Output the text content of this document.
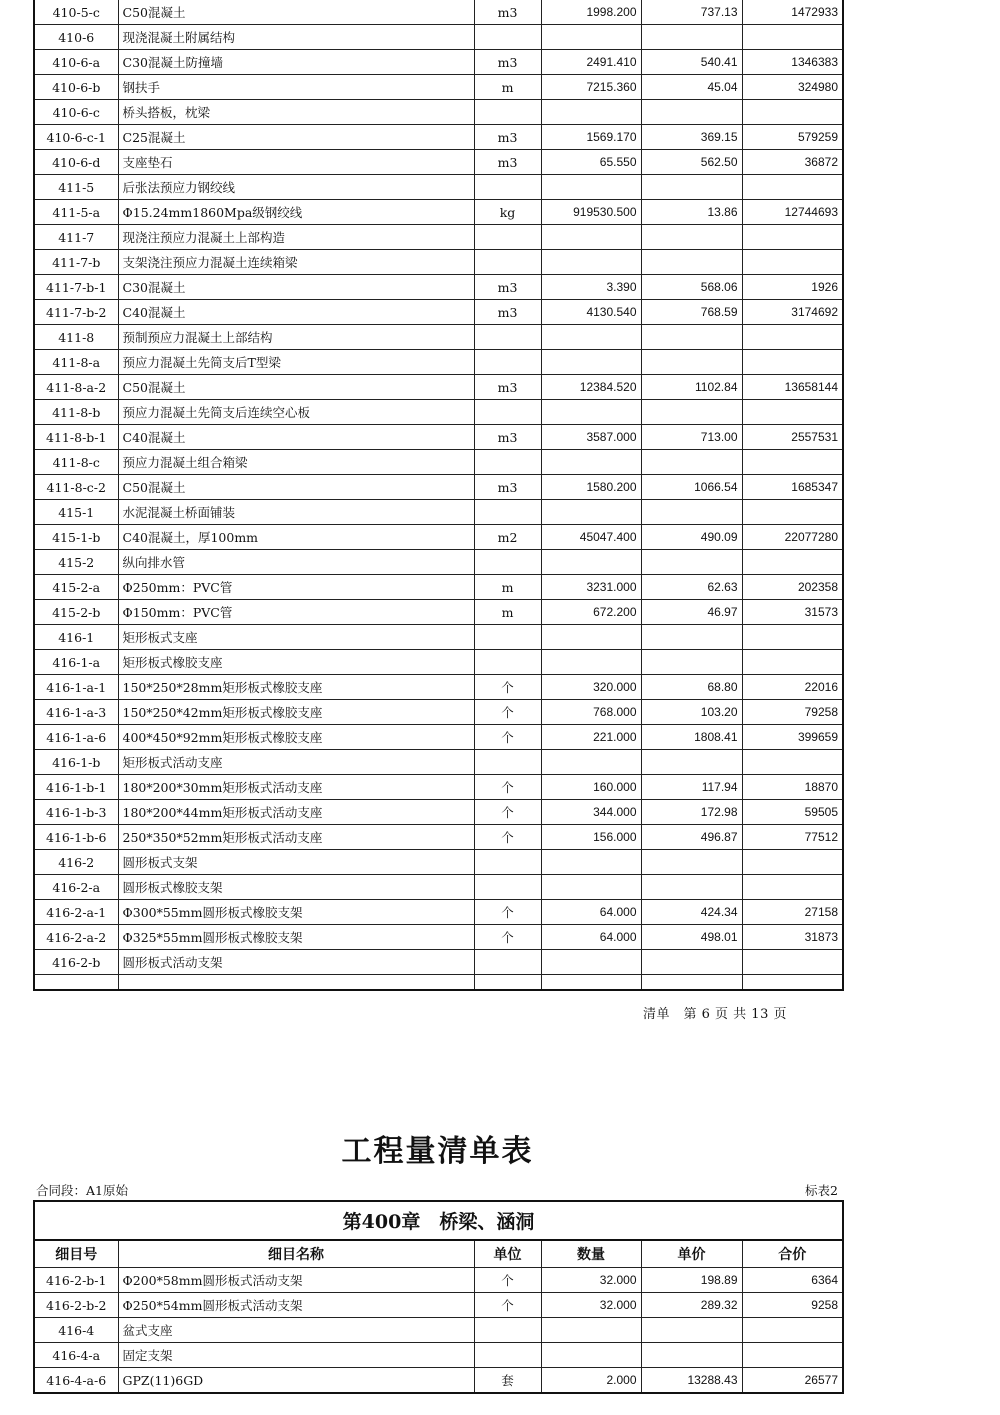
410-5-c	C50混凝土	m3	1998.200	737.13	1472933
410-6	现浇混凝土附属结构				
410-6-a	C30混凝土防撞墙	m3	2491.410	540.41	1346383
410-6-b	钢扶手	m	7215.360	45.04	324980
410-6-c	桥头搭板，枕梁				
410-6-c-1	C25混凝土	m3	1569.170	369.15	579259
410-6-d	支座垫石	m3	65.550	562.50	36872
411-5	后张法预应力钢绞线				
411-5-a	Φ15.24mm1860Mpa级钢绞线	kg	919530.500	13.86	12744693
411-7	现浇注预应力混凝土上部构造				
411-7-b	支架浇注预应力混凝土连续箱梁				
411-7-b-1	C30混凝土	m3	3.390	568.06	1926
411-7-b-2	C40混凝土	m3	4130.540	768.59	3174692
411-8	预制预应力混凝土上部结构				
411-8-a	预应力混凝土先简支后T型梁				
411-8-a-2	C50混凝土	m3	12384.520	1102.84	13658144
411-8-b	预应力混凝土先简支后连续空心板				
411-8-b-1	C40混凝土	m3	3587.000	713.00	2557531
411-8-c	预应力混凝土组合箱梁				
411-8-c-2	C50混凝土	m3	1580.200	1066.54	1685347
415-1	水泥混凝土桥面铺装				
415-1-b	C40混凝土，厚100mm	m2	45047.400	490.09	22077280
415-2	纵向排水管				
415-2-a	Φ250mm：PVC管	m	3231.000	62.63	202358
415-2-b	Φ150mm：PVC管	m	672.200	46.97	31573
416-1	矩形板式支座				
416-1-a	矩形板式橡胶支座				
416-1-a-1	150*250*28mm矩形板式橡胶支座	个	320.000	68.80	22016
416-1-a-3	150*250*42mm矩形板式橡胶支座	个	768.000	103.20	79258
416-1-a-6	400*450*92mm矩形板式橡胶支座	个	221.000	1808.41	399659
416-1-b	矩形板式活动支座				
416-1-b-1	180*200*30mm矩形板式活动支座	个	160.000	117.94	18870
416-1-b-3	180*200*44mm矩形板式活动支座	个	344.000	172.98	59505
416-1-b-6	250*350*52mm矩形板式活动支座	个	156.000	496.87	77512
416-2	圆形板式支架				
416-2-a	圆形板式橡胶支架				
416-2-a-1	Φ300*55mm圆形板式橡胶支架	个	64.000	424.34	27158
416-2-a-2	Φ325*55mm圆形板式橡胶支架	个	64.000	498.01	31873
416-2-b	圆形板式活动支架				

清单　第 6 页 共 13 页
工程量清单表
合同段：A1原始	标表2
第400章　桥梁、涵洞					
细目号	细目名称	单位	数量	单价	合价
416-2-b-1	Φ200*58mm圆形板式活动支架	个	32.000	198.89	6364
416-2-b-2	Φ250*54mm圆形板式活动支架	个	32.000	289.32	9258
416-4	盆式支座				
416-4-a	固定支架				
416-4-a-6	GPZ(11)6GD	套	2.000	13288.43	26577
